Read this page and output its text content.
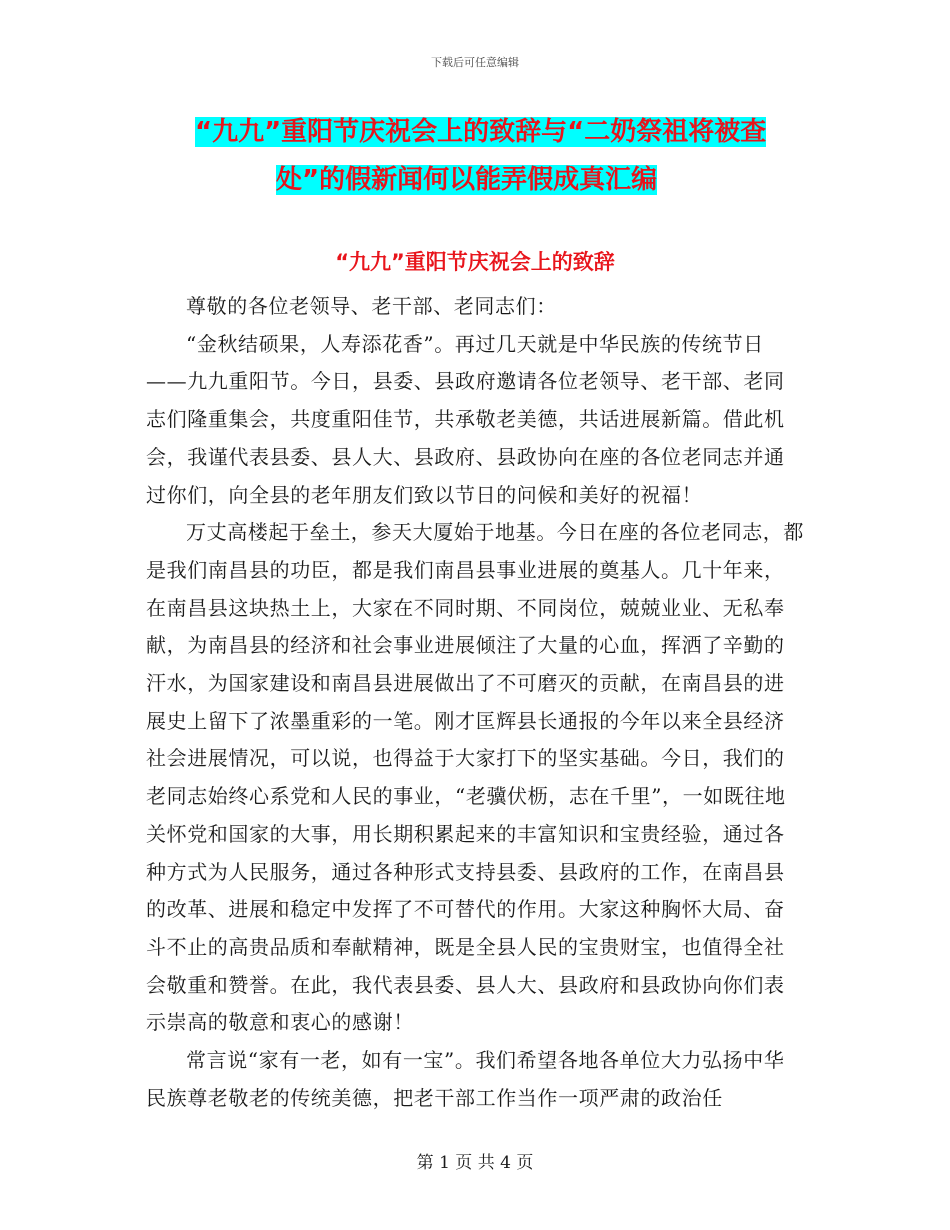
下载后可任意编辑
“九九”重阳节庆祝会上的致辞与“二奶祭祖将被查
处”的假新闻何以能弄假成真汇编
“九九”重阳节庆祝会上的致辞

尊敬的各位老领导、老干部、老同志们：

“金秋结硕果，人寿添花香”。再过几天就是中华民族的传统节日——九九重阳节。今日，县委、县政府邀请各位老领导、老干部、老同志们隆重集会，共度重阳佳节，共承敬老美德，共话进展新篇。借此机会，我谨代表县委、县人大、县政府、县政协向在座的各位老同志并通过你们，向全县的老年朋友们致以节日的问候和美好的祝福！

万丈高楼起于垒土，参天大厦始于地基。今日在座的各位老同志，都是我们南昌县的功臣，都是我们南昌县事业进展的奠基人。几十年来，在南昌县这块热土上，大家在不同时期、不同岗位，兢兢业业、无私奉献，为南昌县的经济和社会事业进展倾注了大量的心血，挥洒了辛勤的汗水，为国家建设和南昌县进展做出了不可磨灭的贡献，在南昌县的进展史上留下了浓墨重彩的一笔。刚才匡辉县长通报的今年以来全县经济社会进展情况，可以说，也得益于大家打下的坚实基础。今日，我们的老同志始终心系党和人民的事业，“老骥伏枥，志在千里”，一如既往地关怀党和国家的大事，用长期积累起来的丰富知识和宝贵经验，通过各种方式为人民服务，通过各种形式支持县委、县政府的工作，在南昌县的改革、进展和稳定中发挥了不可替代的作用。大家这种胸怀大局、奋斗不止的高贵品质和奉献精神，既是全县人民的宝贵财宝，也值得全社会敬重和赞誉。在此，我代表县委、县人大、县政府和县政协向你们表示崇高的敬意和衷心的感谢！

常言说“家有一老，如有一宝”。我们希望各地各单位大力弘扬中华民族尊老敬老的传统美德，把老干部工作当作一项严肃的政治任

第 1 页 共 4 页
